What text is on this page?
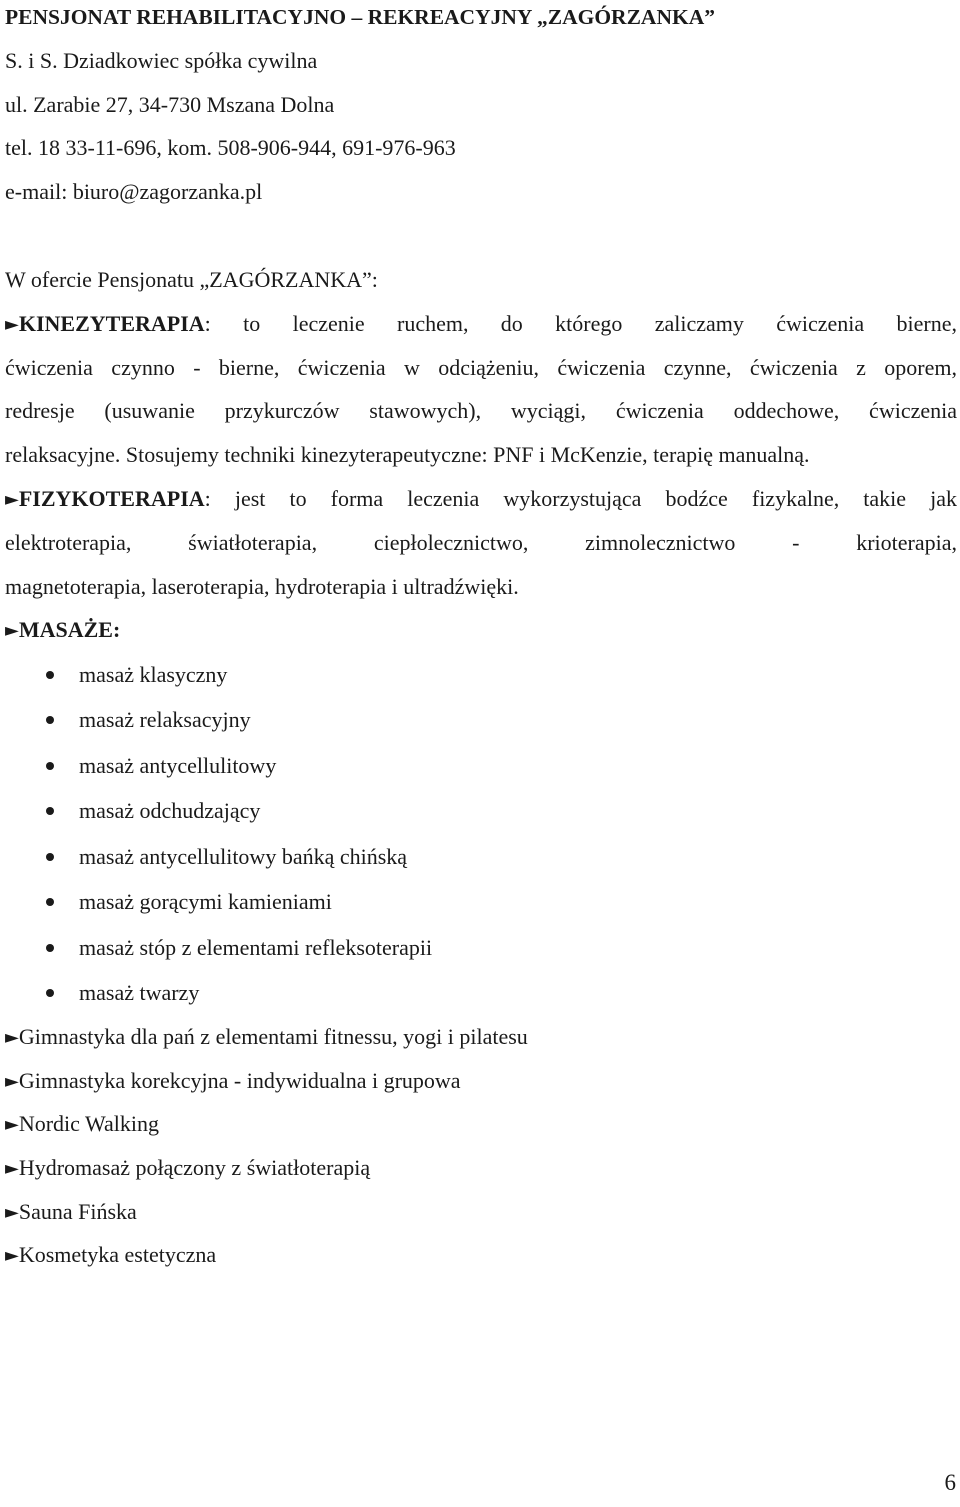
PENSJONAT REHABILITACYJNO – REKREACYJNY „ZAGÓRZANKA”
S. i S. Dziadkowiec spółka cywilna
ul. Zarabie 27, 34-730 Mszana Dolna
tel. 18 33-11-696, kom. 508-906-944, 691-976-963
e-mail: biuro@zagorzanka.pl
W ofercie Pensjonatu „ZAGÓRZANKA”:
►KINEZYTERAPIA: to leczenie ruchem, do którego zaliczamy ćwiczenia bierne,
ćwiczenia czynno - bierne, ćwiczenia w odciążeniu, ćwiczenia czynne, ćwiczenia z oporem,
redresje (usuwanie przykurczów stawowych), wyciągi, ćwiczenia oddechowe, ćwiczenia
relaksacyjne. Stosujemy techniki kinezyterapeutyczne: PNF i McKenzie, terapię manualną.
►FIZYKOTERAPIA: jest to forma leczenia wykorzystująca bodźce fizykalne, takie jak
elektroterapia, światłoterapia, ciepłolecznictwo, zimnolecznictwo - krioterapia,
magnetoterapia, laseroterapia, hydroterapia i ultradźwięki.
►MASAŻE:
masaż klasyczny
masaż relaksacyjny
masaż antycellulitowy
masaż odchudzający
masaż antycellulitowy bańką chińską
masaż gorącymi kamieniami
masaż stóp z elementami refleksoterapii
masaż twarzy
►Gimnastyka dla pań z elementami fitnessu, yogi i pilatesu
►Gimnastyka korekcyjna - indywidualna i grupowa
►Nordic Walking
►Hydromasaż połączony z światłoterapią
►Sauna Fińska
►Kosmetyka estetyczna
6
